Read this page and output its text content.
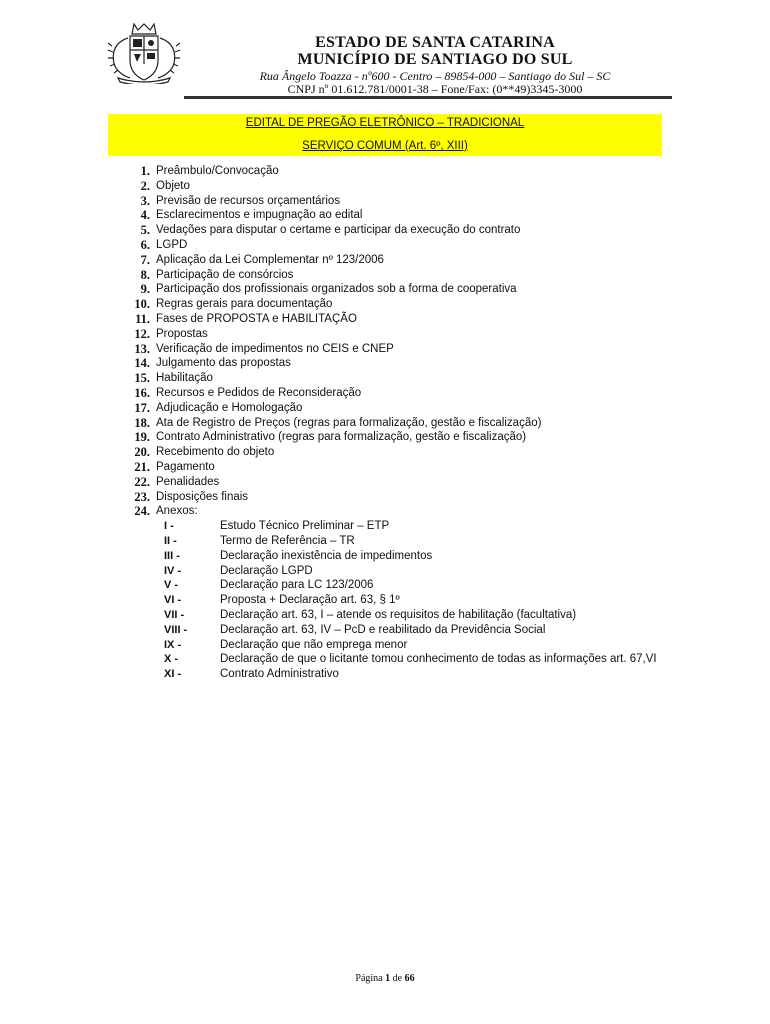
ESTADO DE SANTA CATARINA
MUNICÍPIO DE SANTIAGO DO SUL
Rua Ângelo Toazza - nº600 - Centro – 89854-000 – Santiago do Sul – SC
CNPJ nº 01.612.781/0001-38 – Fone/Fax: (0**49)3345-3000
EDITAL DE PREGÃO ELETRÔNICO – TRADICIONAL
SERVIÇO COMUM (Art. 6º, XIII)
1. Preâmbulo/Convocação
2. Objeto
3. Previsão de recursos orçamentários
4. Esclarecimentos e impugnação ao edital
5. Vedações para disputar o certame e participar da execução do contrato
6. LGPD
7. Aplicação da Lei Complementar nº 123/2006
8. Participação de consórcios
9. Participação dos profissionais organizados sob a forma de cooperativa
10. Regras gerais para documentação
11. Fases de PROPOSTA e HABILITAÇÃO
12. Propostas
13. Verificação de impedimentos no CEIS e CNEP
14. Julgamento das propostas
15. Habilitação
16. Recursos e Pedidos de Reconsideração
17. Adjudicação e Homologação
18. Ata de Registro de Preços (regras para formalização, gestão e fiscalização)
19. Contrato Administrativo (regras para formalização, gestão e fiscalização)
20. Recebimento do objeto
21. Pagamento
22. Penalidades
23. Disposições finais
24. Anexos:
I -	Estudo Técnico Preliminar – ETP
II -	Termo de Referência – TR
III -	Declaração inexistência de impedimentos
IV -	Declaração LGPD
V -	Declaração para LC 123/2006
VI -	Proposta + Declaração art. 63, § 1º
VII -	Declaração art. 63, I – atende os requisitos de habilitação (facultativa)
VIII -	Declaração art. 63, IV – PcD e reabilitado da Previdência Social
IX -	Declaração que não emprega menor
X -	Declaração de que o licitante tomou conhecimento de todas as informações art. 67,VI
XI -	Contrato Administrativo
Página 1 de 66
